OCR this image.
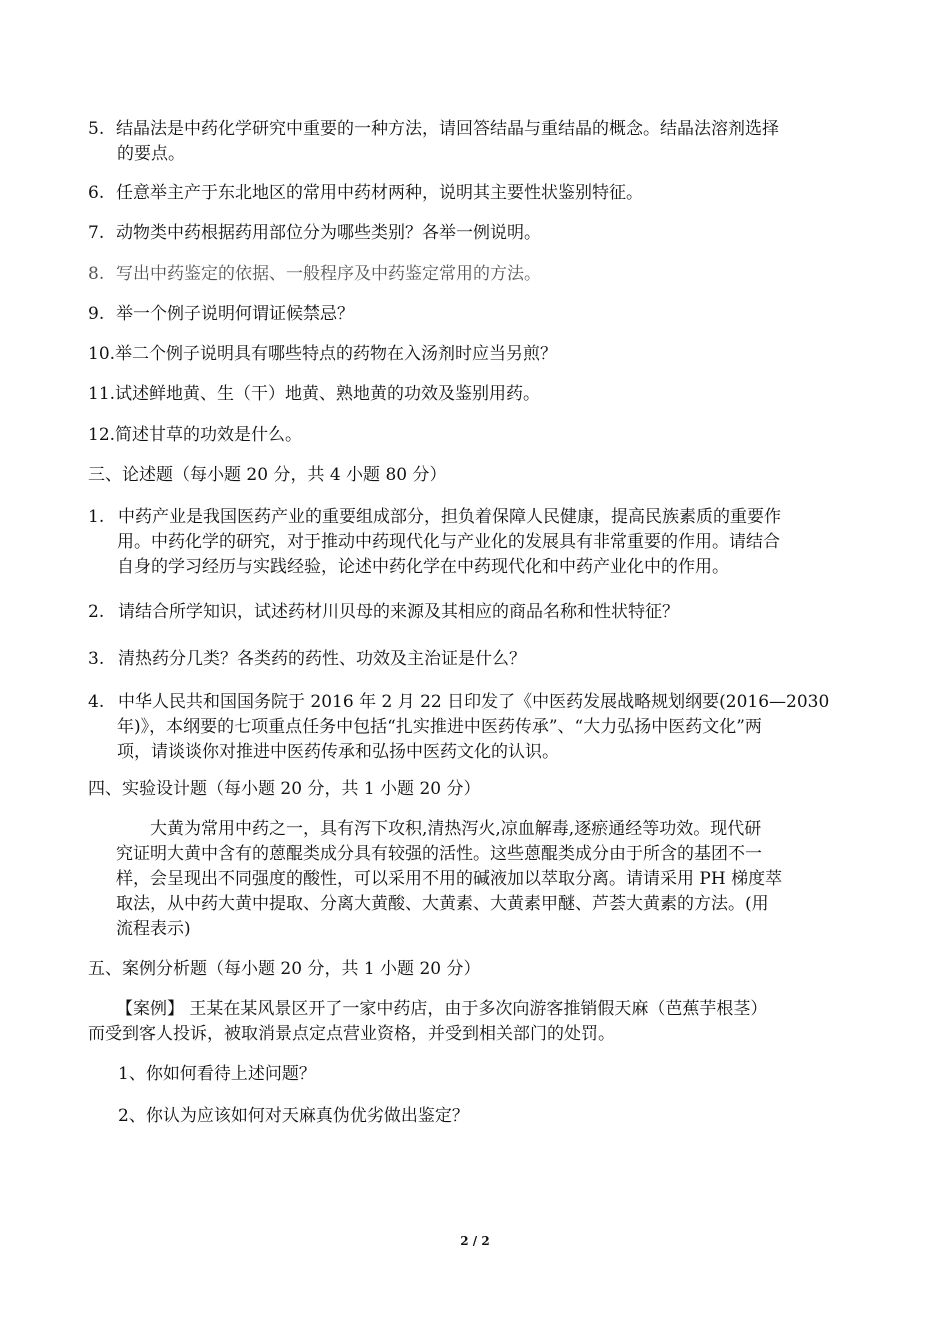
5. 结晶法是中药化学研究中重要的一种方法，请回答结晶与重结晶的概念。结晶法溶剂选择
的要点。
6. 任意举主产于东北地区的常用中药材两种，说明其主要性状鉴别特征。
7. 动物类中药根据药用部位分为哪些类别？各举一例说明。
8. 写出中药鉴定的依据、一般程序及中药鉴定常用的方法。
9. 举一个例子说明何谓证候禁忌？
10.举二个例子说明具有哪些特点的药物在入汤剂时应当另煎？
11.试述鲜地黄、生（干）地黄、熟地黄的功效及鉴别用药。
12.简述甘草的功效是什么。
三、论述题（每小题 20 分，共 4 小题 80 分）
1. 中药产业是我国医药产业的重要组成部分，担负着保障人民健康，提高民族素质的重要作
用。中药化学的研究，对于推动中药现代化与产业化的发展具有非常重要的作用。请结合
自身的学习经历与实践经验，论述中药化学在中药现代化和中药产业化中的作用。
2. 请结合所学知识，试述药材川贝母的来源及其相应的商品名称和性状特征？
3. 清热药分几类？各类药的药性、功效及主治证是什么？
4. 中华人民共和国国务院于 2016 年 2 月 22 日印发了《中医药发展战略规划纲要(2016—2030
年)》，本纲要的七项重点任务中包括“扎实推进中医药传承”、“大力弘扬中医药文化”两
项，请谈谈你对推进中医药传承和弘扬中医药文化的认识。
四、实验设计题（每小题 20 分，共 1 小题 20 分）
大黄为常用中药之一，具有泻下攻积,清热泻火,凉血解毒,逐瘀通经等功效。现代研
究证明大黄中含有的蒽醌类成分具有较强的活性。这些蒽醌类成分由于所含的基团不一
样，会呈现出不同强度的酸性，可以采用不用的碱液加以萃取分离。请请采用 PH 梯度萃
取法，从中药大黄中提取、分离大黄酸、大黄素、大黄素甲醚、芦荟大黄素的方法。(用
流程表示)
五、案例分析题（每小题 20 分，共 1 小题 20 分）
【案例】 王某在某风景区开了一家中药店，由于多次向游客推销假天麻（芭蕉芋根茎）
而受到客人投诉，被取消景点定点营业资格，并受到相关部门的处罚。
1、你如何看待上述问题？
2、你认为应该如何对天麻真伪优劣做出鉴定？
2 / 2
